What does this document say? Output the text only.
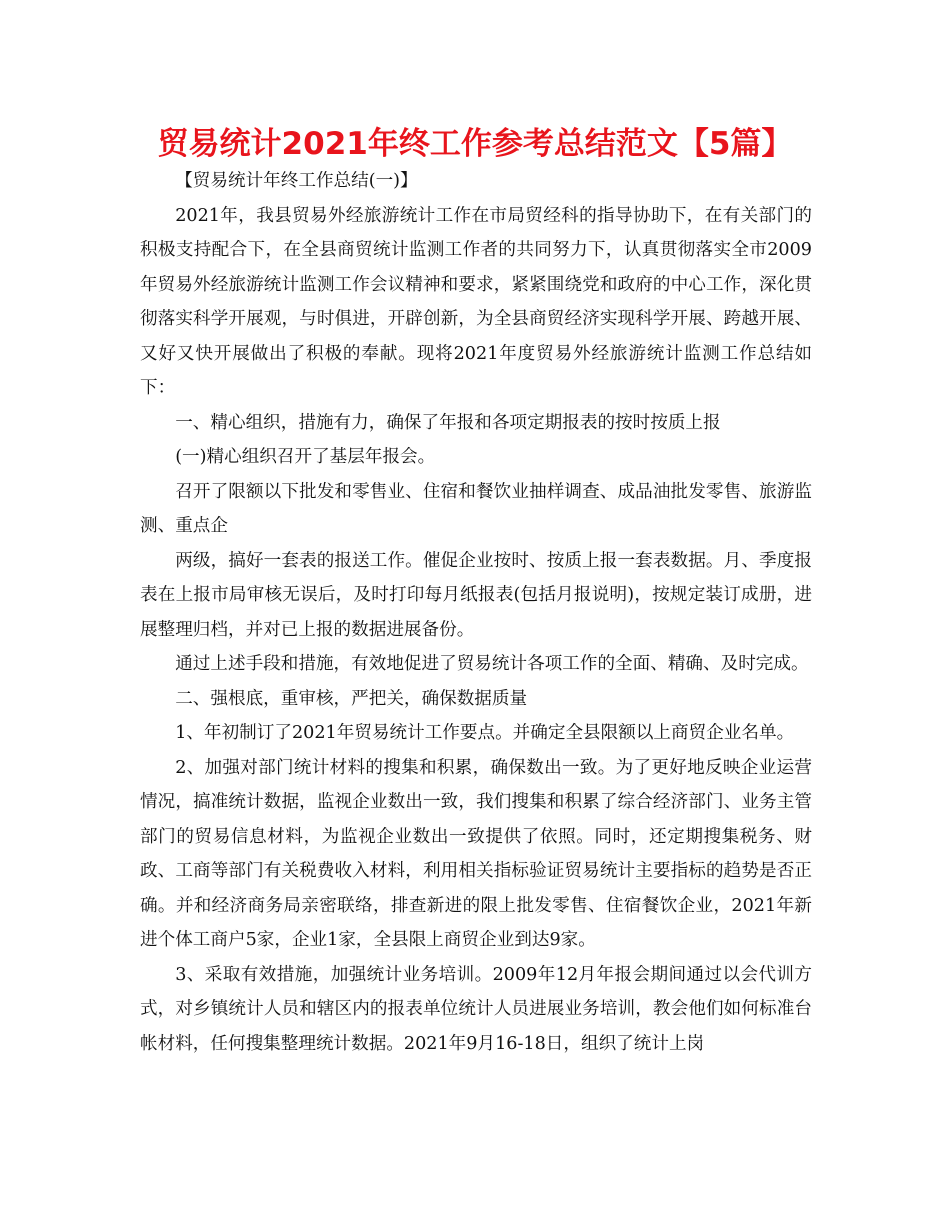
贸易统计2021年终工作参考总结范文【5篇】

【贸易统计年终工作总结(一)】

2021年，我县贸易外经旅游统计工作在市局贸经科的指导协助下，在有关部门的积极支持配合下，在全县商贸统计监测工作者的共同努力下，认真贯彻落实全市2009年贸易外经旅游统计监测工作会议精神和要求，紧紧围绕党和政府的中心工作，深化贯彻落实科学开展观，与时俱进，开辟创新，为全县商贸经济实现科学开展、跨越开展、又好又快开展做出了积极的奉献。现将2021年度贸易外经旅游统计监测工作总结如下：

一、精心组织，措施有力，确保了年报和各项定期报表的按时按质上报

(一)精心组织召开了基层年报会。

召开了限额以下批发和零售业、住宿和餐饮业抽样调查、成品油批发零售、旅游监测、重点企

两级，搞好一套表的报送工作。催促企业按时、按质上报一套表数据。月、季度报表在上报市局审核无误后，及时打印每月纸报表(包括月报说明)，按规定装订成册，进展整理归档，并对已上报的数据进展备份。

通过上述手段和措施，有效地促进了贸易统计各项工作的全面、精确、及时完成。

二、强根底，重审核，严把关，确保数据质量

1、年初制订了2021年贸易统计工作要点。并确定全县限额以上商贸企业名单。

2、加强对部门统计材料的搜集和积累，确保数出一致。为了更好地反映企业运营情况，搞准统计数据，监视企业数出一致，我们搜集和积累了综合经济部门、业务主管部门的贸易信息材料，为监视企业数出一致提供了依照。同时，还定期搜集税务、财政、工商等部门有关税费收入材料，利用相关指标验证贸易统计主要指标的趋势是否正确。并和经济商务局亲密联络，排查新进的限上批发零售、住宿餐饮企业，2021年新进个体工商户5家，企业1家，全县限上商贸企业到达9家。

3、采取有效措施，加强统计业务培训。2009年12月年报会期间通过以会代训方式，对乡镇统计人员和辖区内的报表单位统计人员进展业务培训，教会他们如何标准台帐材料，任何搜集整理统计数据。2021年9月16-18日，组织了统计上岗
